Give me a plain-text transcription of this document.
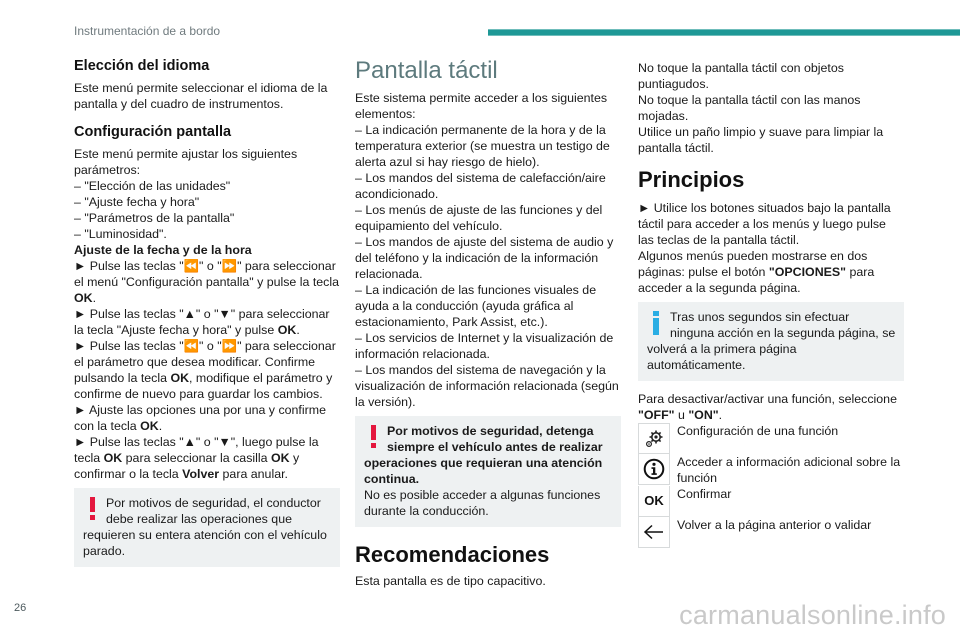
Instrumentación de a bordo
Elección del idioma
Este menú permite seleccionar el idioma de la pantalla y del cuadro de instrumentos.
Configuración pantalla
Este menú permite ajustar los siguientes parámetros:
– "Elección de las unidades"
– "Ajuste fecha y hora"
– "Parámetros de la pantalla"
– "Luminosidad".
Ajuste de la fecha y de la hora
► Pulse las teclas "⏪" o "⏩" para seleccionar el menú "Configuración pantalla" y pulse la tecla OK.
► Pulse las teclas "▲" o "▼" para seleccionar la tecla "Ajuste fecha y hora" y pulse OK.
► Pulse las teclas "⏪" o "⏩" para seleccionar el parámetro que desea modificar. Confirme pulsando la tecla OK, modifique el parámetro y confirme de nuevo para guardar los cambios.
► Ajuste las opciones una por una y confirme con la tecla OK.
► Pulse las teclas "▲" o "▼", luego pulse la tecla OK para seleccionar la casilla OK y confirmar o la tecla Volver para anular.
Por motivos de seguridad, el conductor debe realizar las operaciones que requieren su entera atención con el vehículo parado.
Pantalla táctil
Este sistema permite acceder a los siguientes elementos:
– La indicación permanente de la hora y de la temperatura exterior (se muestra un testigo de alerta azul si hay riesgo de hielo).
– Los mandos del sistema de calefacción/aire acondicionado.
– Los menús de ajuste de las funciones y del equipamiento del vehículo.
– Los mandos de ajuste del sistema de audio y del teléfono y la indicación de la información relacionada.
– La indicación de las funciones visuales de ayuda a la conducción (ayuda gráfica al estacionamiento, Park Assist, etc.).
– Los servicios de Internet y la visualización de información relacionada.
– Los mandos del sistema de navegación y la visualización de información relacionada (según la versión).
Por motivos de seguridad, detenga siempre el vehículo antes de realizar operaciones que requieran una atención continua.
No es posible acceder a algunas funciones durante la conducción.
Recomendaciones
Esta pantalla es de tipo capacitivo.
No toque la pantalla táctil con objetos puntiagudos.
No toque la pantalla táctil con las manos mojadas.
Utilice un paño limpio y suave para limpiar la pantalla táctil.
Principios
► Utilice los botones situados bajo la pantalla táctil para acceder a los menús y luego pulse las teclas de la pantalla táctil.
Algunos menús pueden mostrarse en dos páginas: pulse el botón "OPCIONES" para acceder a la segunda página.
Tras unos segundos sin efectuar ninguna acción en la segunda página, se volverá a la primera página automáticamente.
Para desactivar/activar una función, seleccione "OFF" u "ON".
Configuración de una función
Acceder a información adicional sobre la función
OK Confirmar
Volver a la página anterior o validar
26	carmanualsonline.info
